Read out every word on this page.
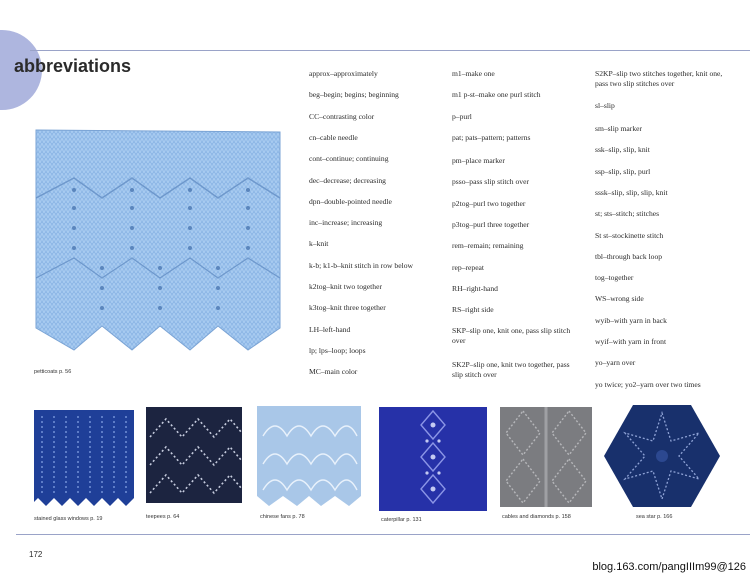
abbreviations
petticoats p. 56
approx–approximately
beg–begin; begins; beginning
CC–contrasting color
cn–cable needle
cont–continue; continuing
dec–decrease; decreasing
dpn–double-pointed needle
inc–increase; increasing
k–knit
k-b; k1-b–knit stitch in row below
k2tog–knit two together
k3tog–knit three together
LH–left-hand
lp; lps–loop; loops
MC–main color
m1–make one
m1 p-st–make one purl stitch
p–purl
pat; pats–pattern; patterns
pm–place marker
psso–pass slip stitch over
p2tog–purl two together
p3tog–purl three together
rem–remain; remaining
rep–repeat
RH–right-hand
RS–right side
SKP–slip one, knit one, pass slip stitch over
SK2P–slip one, knit two together, pass slip stitch over
S2KP–slip two stitches together, knit one, pass two slip stitches over
sl–slip
sm–slip marker
ssk–slip, slip, knit
ssp–slip, slip, purl
sssk–slip, slip, slip, knit
st; sts–stitch; stitches
St st–stockinette stitch
tbl–through back loop
tog–together
WS–wrong side
wyib–with yarn in back
wyif–with yarn in front
yo–yarn over
yo twice; yo2–yarn over two times
stained glass windows p. 19	teepees p. 64	chinese fans p. 78	caterpillar p. 131	cables and diamonds p. 158	sea star p. 166
172
blog.163.com/pangIIIm99@126
